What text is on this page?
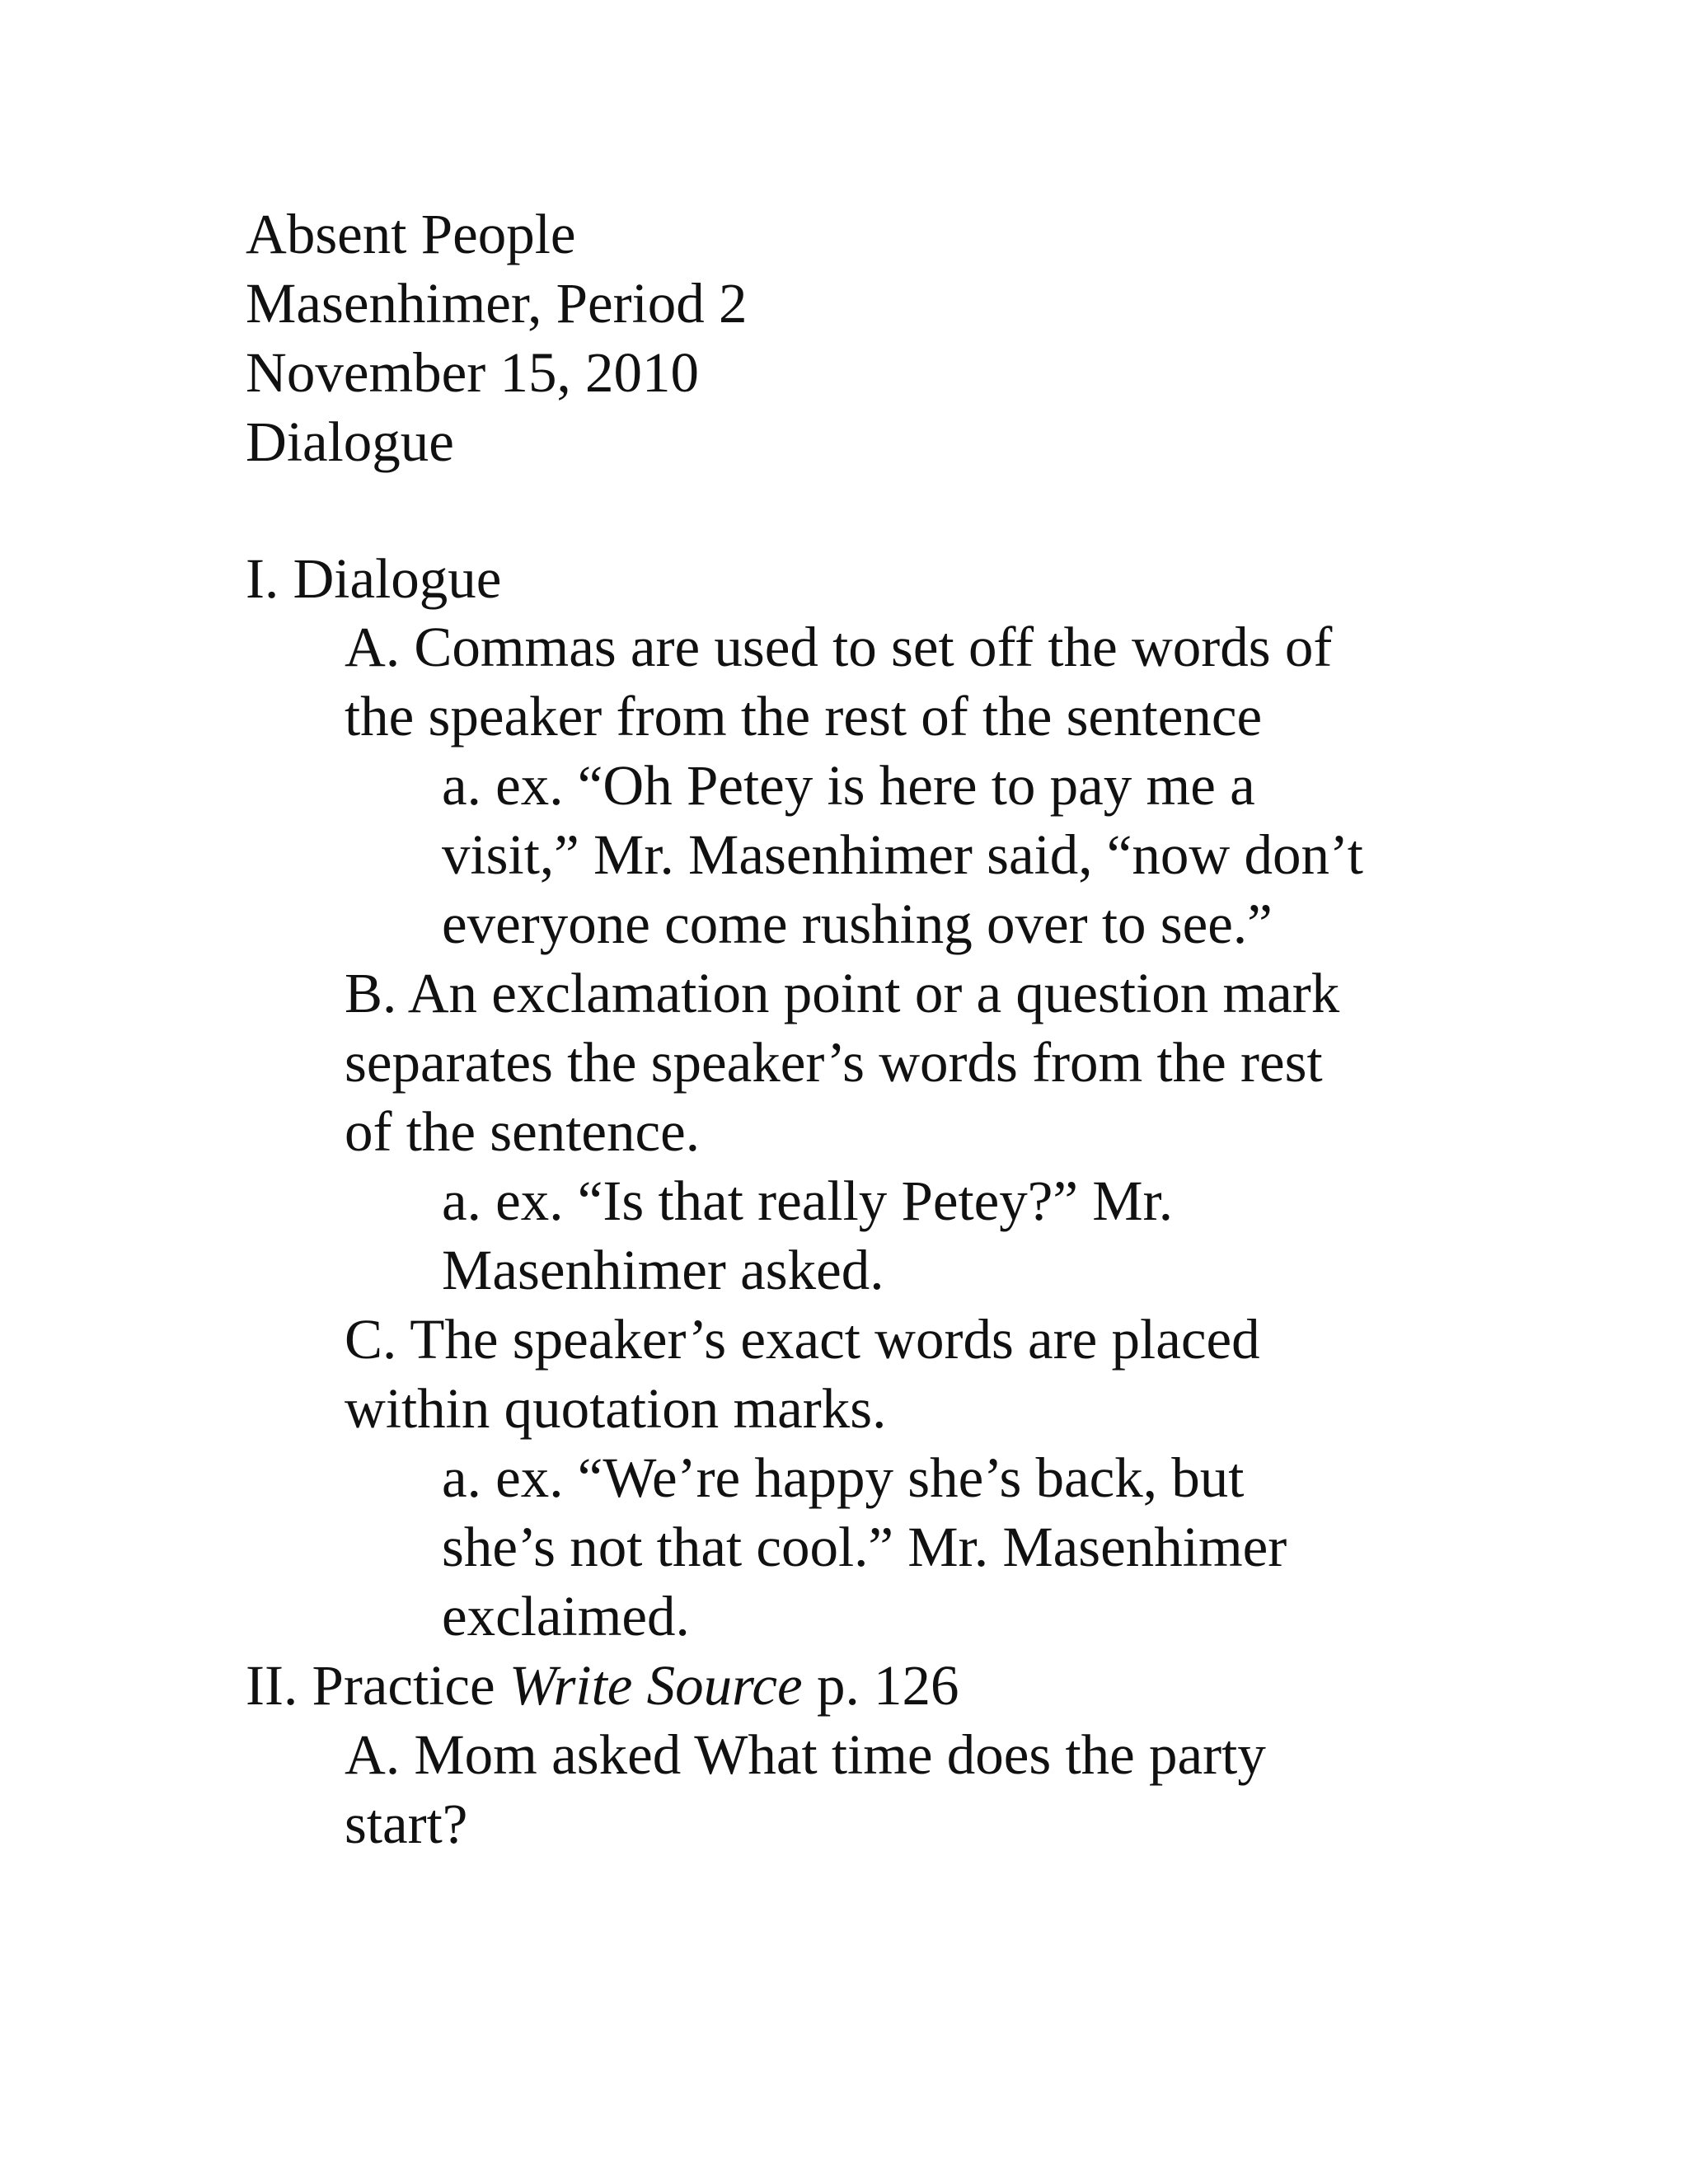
Absent People
Masenhimer, Period 2
November 15, 2010
Dialogue
I. Dialogue
A. Commas are used to set off the words of
the speaker from the rest of the sentence
a. ex. “Oh Petey is here to pay me a
visit,” Mr. Masenhimer said, “now don’t
everyone come rushing over to see.”
B. An exclamation point or a question mark
separates the speaker’s words from the rest
of the sentence.
a. ex. “Is that really Petey?” Mr.
Masenhimer asked.
C. The speaker’s exact words are placed
within quotation marks.
a. ex. “We’re happy she’s back, but
she’s not that cool.” Mr. Masenhimer
exclaimed.
II. Practice Write Source p. 126
A. Mom asked What time does the party
start?
